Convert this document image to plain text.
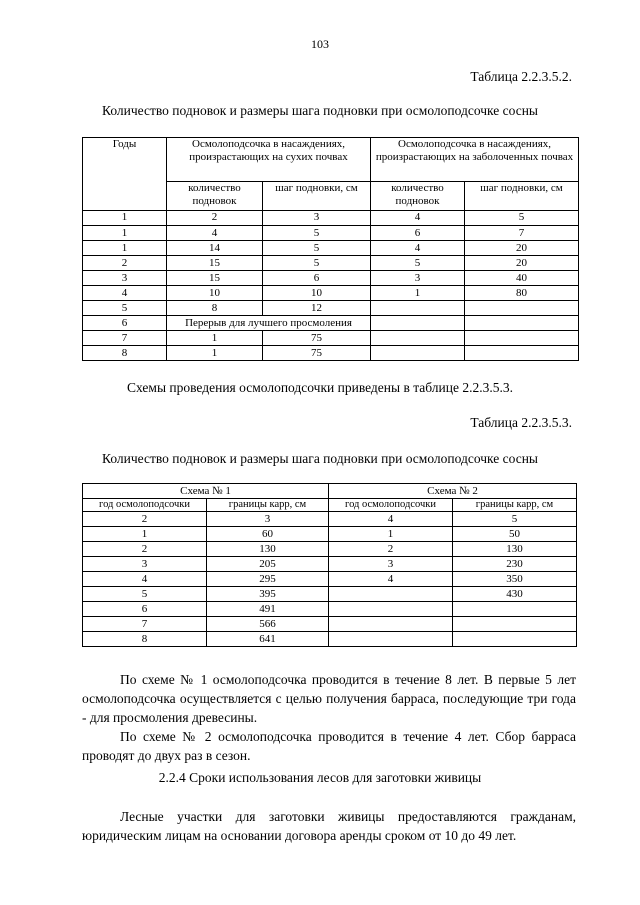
103
Таблица 2.2.3.5.2.
Количество подновок и размеры шага подновки при осмолоподсочке сосны
Годы	Осмолоподсочка в насаждениях, произрастающих на сухих почвах		Осмолоподсочка в насаждениях, произрастающих на заболоченных почвах	
	количество подновок	шаг подновки, см	количество подновок	шаг подновки, см
1	2	3	4	5
1	4	5	6	7
1	14	5	4	20
2	15	5	5	20
3	15	6	3	40
4	10	10	1	80
5	8	12		
6	Перерыв для лучшего просмоления			
7	1	75		
8	1	75		
Схемы проведения осмолоподсочки приведены в таблице 2.2.3.5.3.
Таблица 2.2.3.5.3.
Количество подновок и размеры шага подновки при осмолоподсочке сосны
Схема № 1		Схема № 2	
год осмолоподсочки	границы карр, см	год осмолоподсочки	границы карр, см
2	3	4	5
1	60	1	50
2	130	2	130
3	205	3	230
4	295	4	350
5	395		430
6	491		
7	566		
8	641		

По схеме № 1 осмолоподсочка проводится в течение 8 лет. В первые 5 лет осмолоподсочка осуществляется с целью получения барраса, последующие три года - для просмоления древесины.

По схеме № 2 осмолоподсочка проводится в течение 4 лет. Сбор барраса проводят до двух раз в сезон.

2.2.4 Сроки использования лесов для заготовки живицы

Лесные участки для заготовки живицы предоставляются гражданам, юридическим лицам на основании договора аренды сроком от 10 до 49 лет.
